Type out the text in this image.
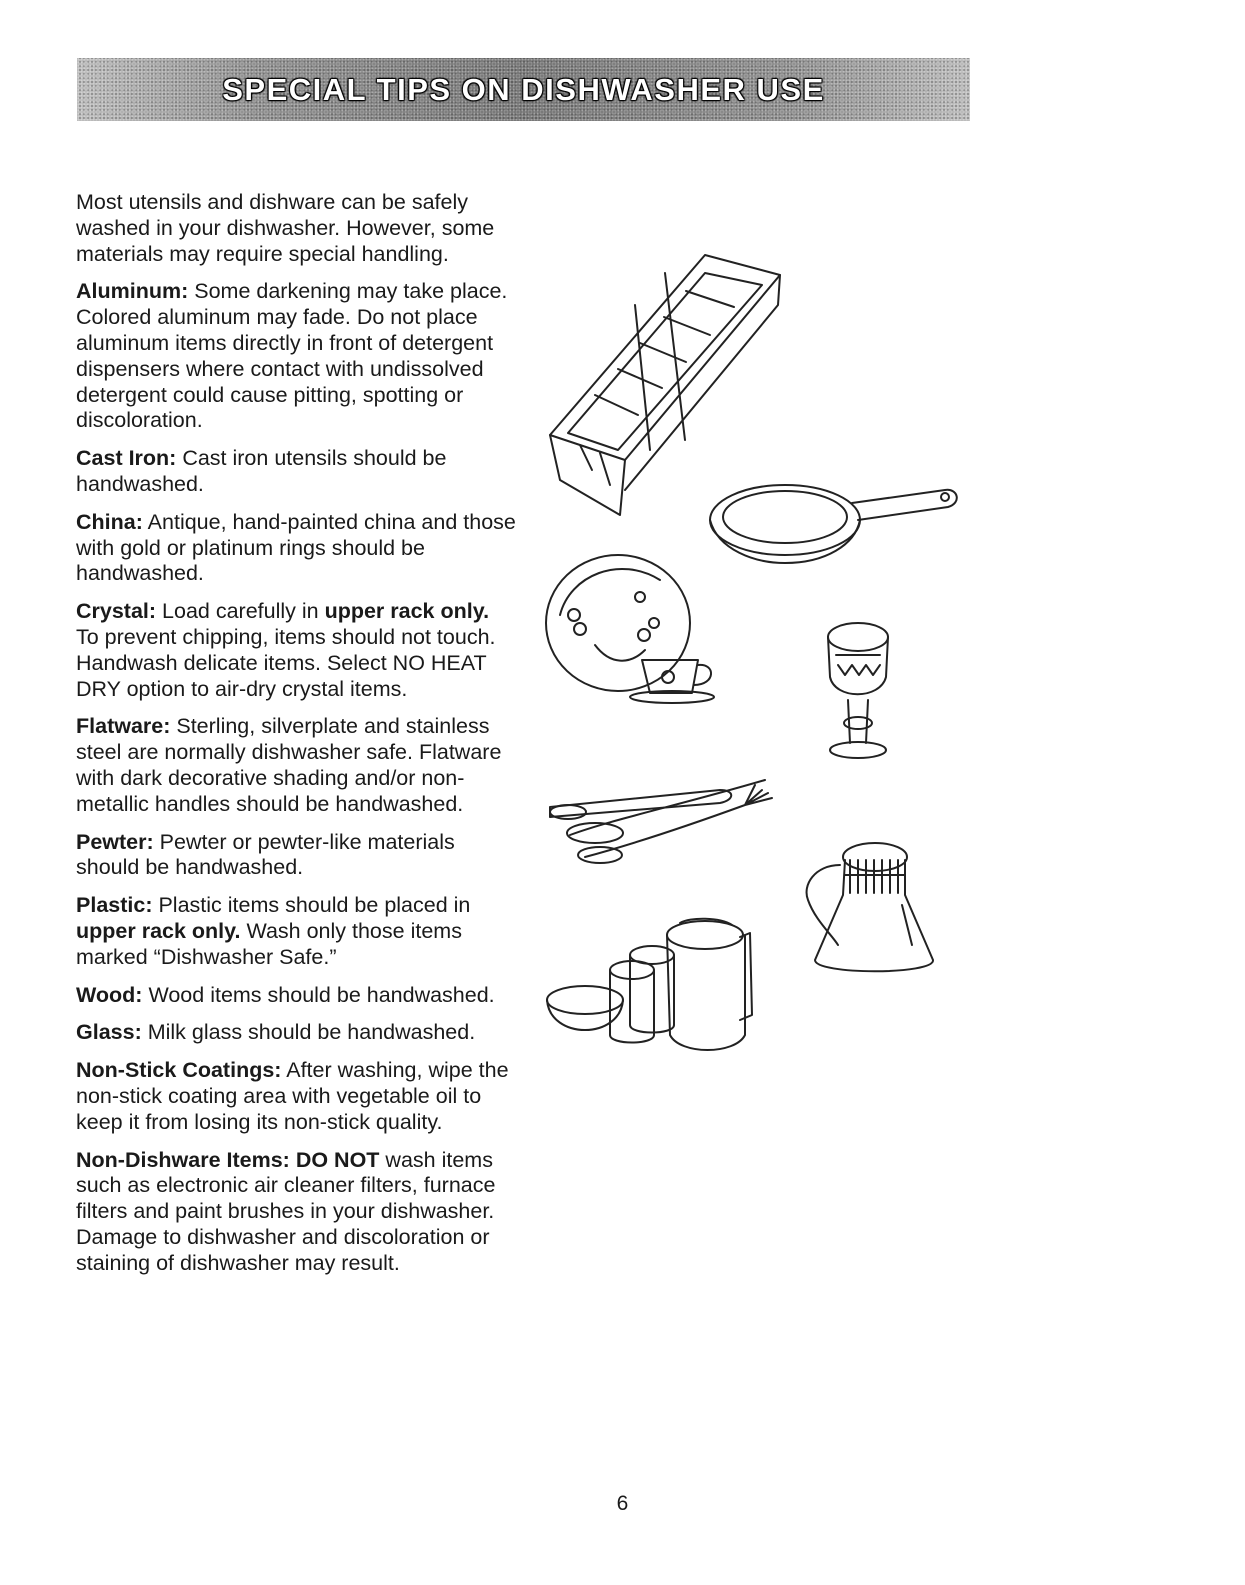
SPECIAL TIPS ON DISHWASHER USE

Most utensils and dishware can be safely washed in your dishwasher. However, some materials may require special handling.

Aluminum: Some darkening may take place. Colored aluminum may fade. Do not place aluminum items directly in front of detergent dispensers where contact with undissolved detergent could cause pitting, spotting or discoloration.

Cast Iron: Cast iron utensils should be handwashed.

China: Antique, hand-painted china and those with gold or platinum rings should be handwashed.

Crystal: Load carefully in upper rack only. To prevent chipping, items should not touch. Handwash delicate items. Select NO HEAT DRY option to air-dry crystal items.

Flatware: Sterling, silverplate and stainless steel are normally dishwasher safe. Flatware with dark decorative shading and/or non-metallic handles should be handwashed.

Pewter: Pewter or pewter-like materials should be handwashed.

Plastic: Plastic items should be placed in upper rack only. Wash only those items marked “Dishwasher Safe.”

Wood: Wood items should be handwashed.

Glass: Milk glass should be handwashed.

Non-Stick Coatings: After washing, wipe the non-stick coating area with vegetable oil to keep it from losing its non-stick quality.

Non-Dishware Items: DO NOT wash items such as electronic air cleaner filters, furnace filters and paint brushes in your dishwasher. Damage to dishwasher and discoloration or staining of dishwasher may result.

6
